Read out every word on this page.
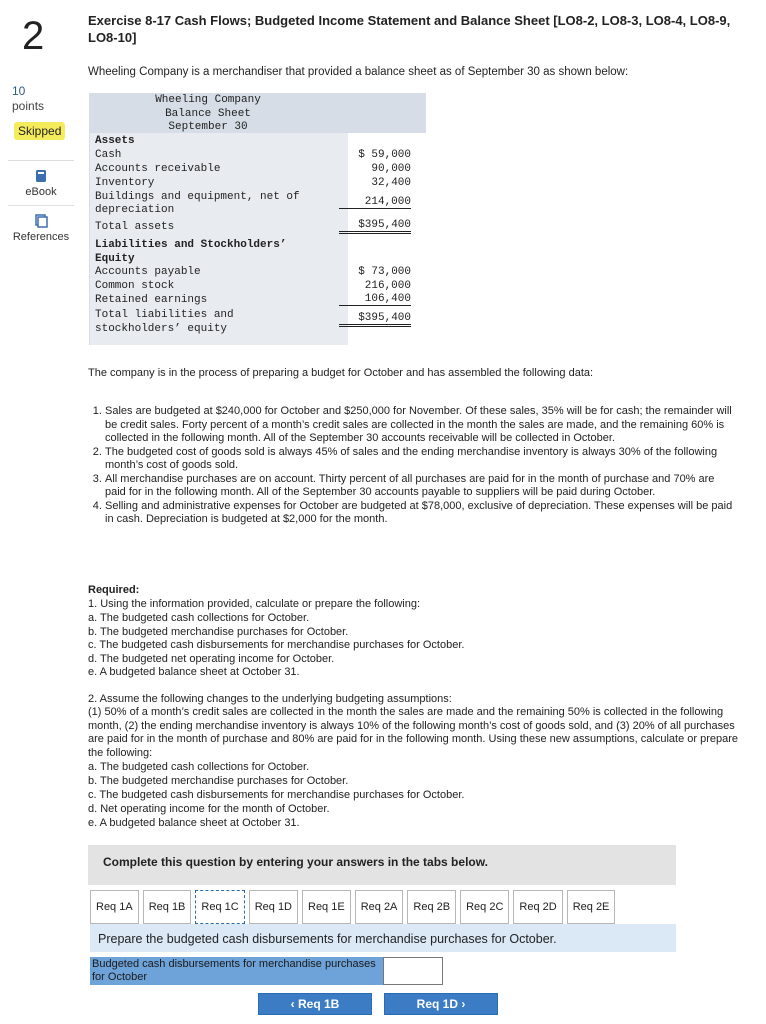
2
10
points
Skipped
eBook
References
Exercise 8-17 Cash Flows; Budgeted Income Statement and Balance Sheet [LO8-2, LO8-3, LO8-4, LO8-9, LO8-10]
Wheeling Company is a merchandiser that provided a balance sheet as of September 30 as shown below:
Wheeling Company
Balance Sheet
September 30
Assets
Cash	$ 59,000
Accounts receivable	90,000
Inventory	32,400
Buildings and equipment, net of
depreciation
214,000
Total assets	$395,400
Liabilities and Stockholders’
Equity
Accounts payable	$ 73,000
Common stock	216,000
Retained earnings	106,400
Total liabilities and
stockholders’ equity
$395,400
The company is in the process of preparing a budget for October and has assembled the following data:
1. Sales are budgeted at $240,000 for October and $250,000 for November. Of these sales, 35% will be for cash; the remainder will be credit sales. Forty percent of a month’s credit sales are collected in the month the sales are made, and the remaining 60% is collected in the following month. All of the September 30 accounts receivable will be collected in October.
2. The budgeted cost of goods sold is always 45% of sales and the ending merchandise inventory is always 30% of the following month’s cost of goods sold.
3. All merchandise purchases are on account. Thirty percent of all purchases are paid for in the month of purchase and 70% are paid for in the following month. All of the September 30 accounts payable to suppliers will be paid during October.
4. Selling and administrative expenses for October are budgeted at $78,000, exclusive of depreciation. These expenses will be paid in cash. Depreciation is budgeted at $2,000 for the month.
Required:
1. Using the information provided, calculate or prepare the following:
a. The budgeted cash collections for October.
b. The budgeted merchandise purchases for October.
c. The budgeted cash disbursements for merchandise purchases for October.
d. The budgeted net operating income for October.
e. A budgeted balance sheet at October 31.
2. Assume the following changes to the underlying budgeting assumptions:
(1) 50% of a month’s credit sales are collected in the month the sales are made and the remaining 50% is collected in the following month, (2) the ending merchandise inventory is always 10% of the following month’s cost of goods sold, and (3) 20% of all purchases are paid for in the month of purchase and 80% are paid for in the following month. Using these new assumptions, calculate or prepare the following:
a. The budgeted cash collections for October.
b. The budgeted merchandise purchases for October.
c. The budgeted cash disbursements for merchandise purchases for October.
d. Net operating income for the month of October.
e. A budgeted balance sheet at October 31.
Complete this question by entering your answers in the tabs below.
Req 1A	Req 1B	Req 1C	Req 1D	Req 1E	Req 2A	Req 2B	Req 2C	Req 2D	Req 2E
Prepare the budgeted cash disbursements for merchandise purchases for October.
Budgeted cash disbursements for merchandise purchases for October
‹ Req 1B	Req 1D ›
